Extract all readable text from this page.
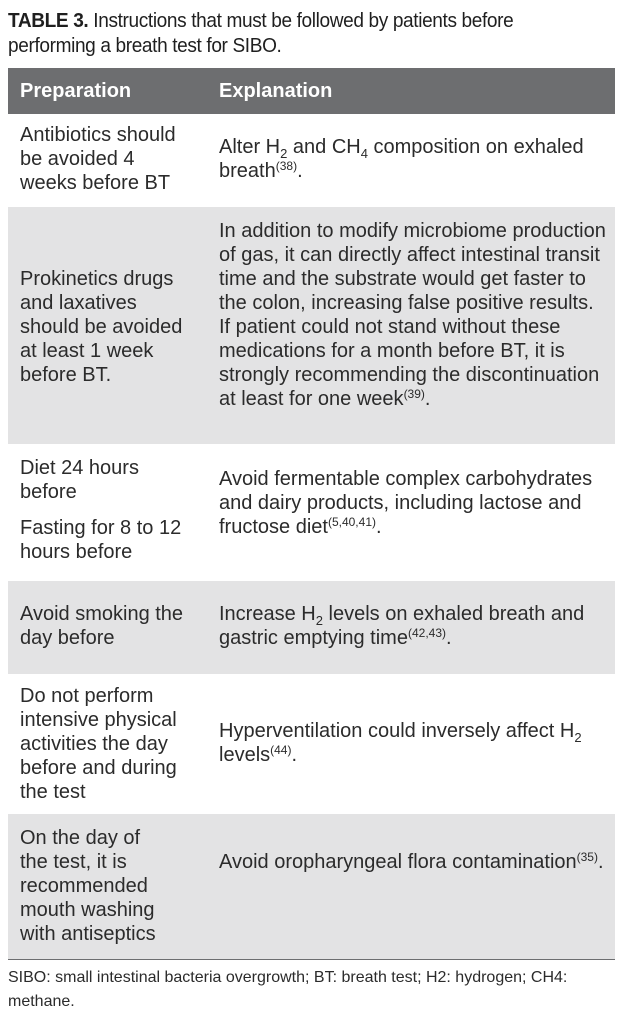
TABLE 3. Instructions that must be followed by patients before performing a breath test for SIBO.
Preparation	Explanation
Antibiotics should
be avoided 4
weeks before BT
Alter $H_2$ and $CH_4$ composition on exhaled breath$^{(38)}$.
Prokinetics drugs
and laxatives
should be avoided
at least 1 week
before BT.
In addition to modify microbiome production of gas, it can directly affect intestinal transit time and the substrate would get faster to the colon, increasing false positive results.
If patient could not stand without these medications for a month before BT, it is strongly recommending the discontinuation at least for one week$^{(39)}$.
Diet 24 hours
before
Fasting for 8 to 12
hours before
Avoid fermentable complex carbohydrates and dairy products, including lactose and fructose diet$^{(5,40,41)}$.
Avoid smoking the
day before
Increase $H_2$ levels on exhaled breath and gastric emptying time$^{(42,43)}$.
Do not perform
intensive physical
activities the day
before and during
the test
Hyperventilation could inversely affect $H_2$ levels$^{(44)}$.
On the day of
the test, it is
recommended
mouth washing
with antiseptics
Avoid oropharyngeal flora contamination$^{(35)}$.
SIBO: small intestinal bacteria overgrowth; BT: breath test; H2: hydrogen; CH4: methane.
